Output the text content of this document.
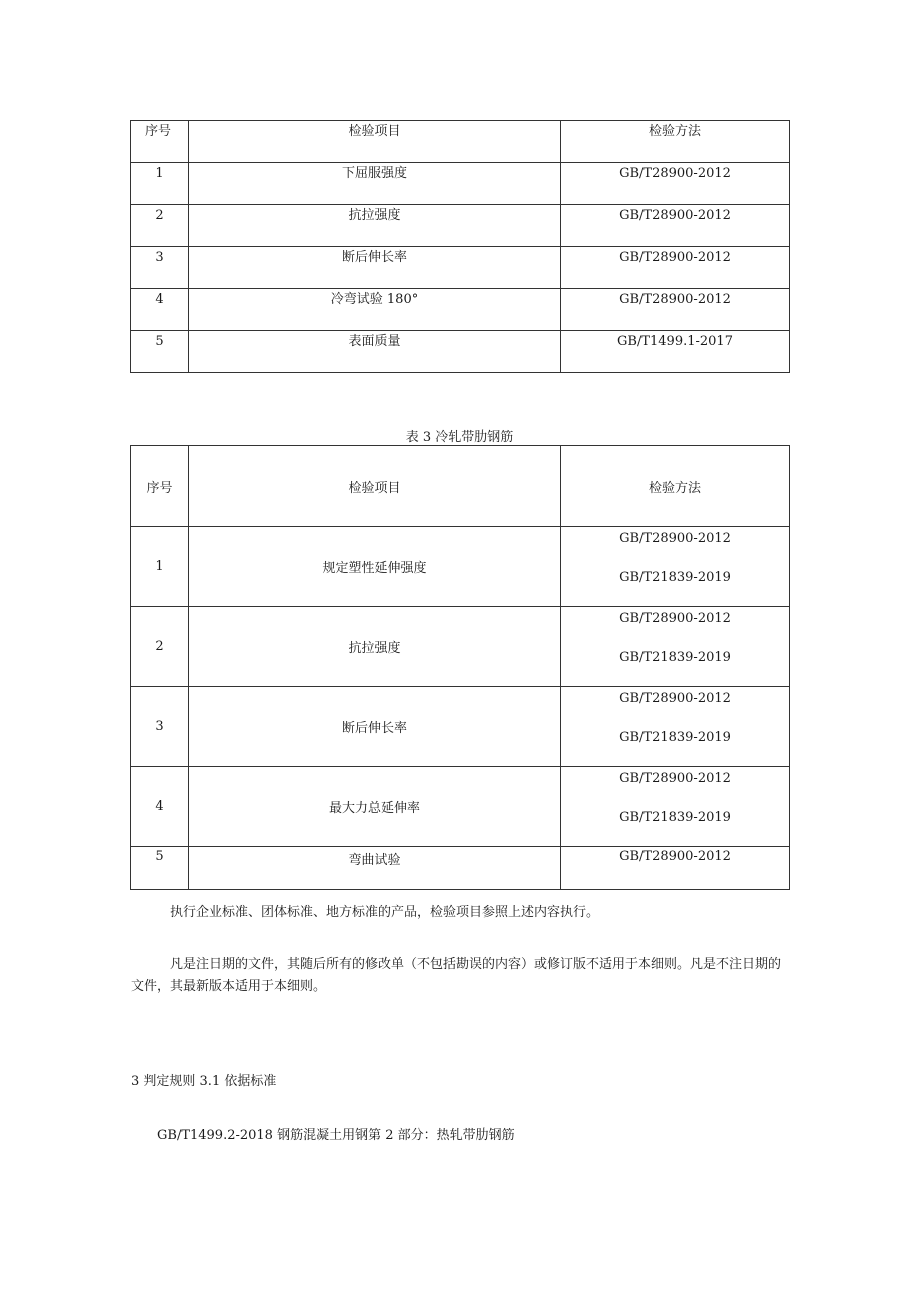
序号	检验项目	检验方法
1	下屈服强度	GB/T28900-2012
2	抗拉强度	GB/T28900-2012
3	断后伸长率	GB/T28900-2012
4	冷弯试验 180°	GB/T28900-2012
5	表面质量	GB/T1499.1-2017
表 3 冷轧带肋钢筋
序号	检验项目	检验方法
1	规定塑性延伸强度	GB/T28900-2012
GB/T21839-2019

2	抗拉强度	GB/T28900-2012
GB/T21839-2019

3	断后伸长率	GB/T28900-2012
GB/T21839-2019

4	最大力总延伸率	GB/T28900-2012
GB/T21839-2019

5	弯曲试验	GB/T28900-2012
执行企业标准、团体标准、地方标准的产品，检验项目参照上述内容执行。
凡是注日期的文件，其随后所有的修改单（不包括勘误的内容）或修订版不适用于本细则。凡是不注日期的文件，其最新版本适用于本细则。
3 判定规则 3.1 依据标准
GB/T1499.2-2018 钢筋混凝土用钢第 2 部分：热轧带肋钢筋
